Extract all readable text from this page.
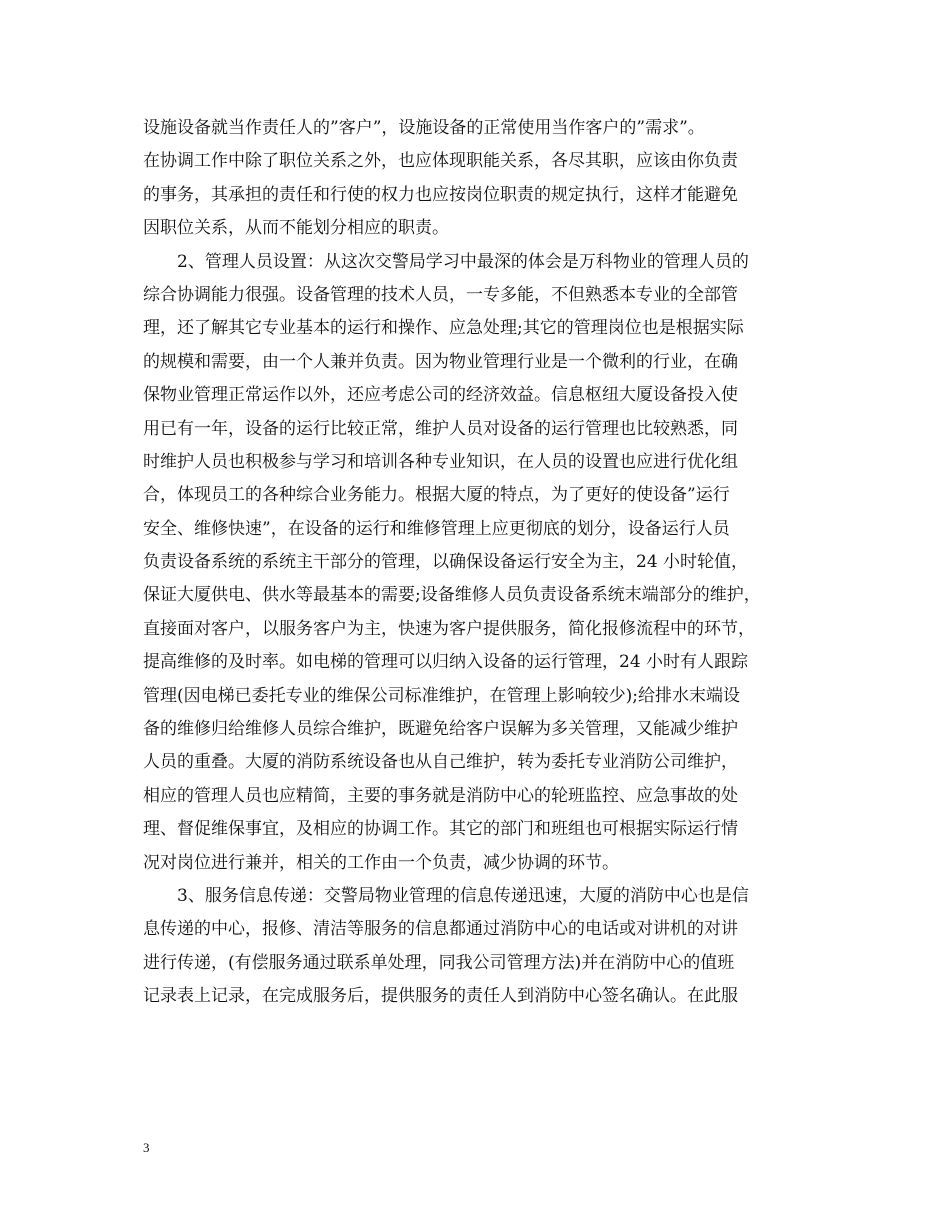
设施设备就当作责任人的”客户”，设施设备的正常使用当作客户的”需求”。
在协调工作中除了职位关系之外，也应体现职能关系，各尽其职，应该由你负责
的事务，其承担的责任和行使的权力也应按岗位职责的规定执行，这样才能避免
因职位关系，从而不能划分相应的职责。
　　2、管理人员设置：从这次交警局学习中最深的体会是万科物业的管理人员的
综合协调能力很强。设备管理的技术人员，一专多能，不但熟悉本专业的全部管
理，还了解其它专业基本的运行和操作、应急处理;其它的管理岗位也是根据实际
的规模和需要，由一个人兼并负责。因为物业管理行业是一个微利的行业，在确
保物业管理正常运作以外，还应考虑公司的经济效益。信息枢纽大厦设备投入使
用已有一年，设备的运行比较正常，维护人员对设备的运行管理也比较熟悉，同
时维护人员也积极参与学习和培训各种专业知识，在人员的设置也应进行优化组
合，体现员工的各种综合业务能力。根据大厦的特点，为了更好的使设备”运行
安全、维修快速”，在设备的运行和维修管理上应更彻底的划分，设备运行人员
负责设备系统的系统主干部分的管理，以确保设备运行安全为主，24 小时轮值，
保证大厦供电、供水等最基本的需要;设备维修人员负责设备系统末端部分的维护，
直接面对客户，以服务客户为主，快速为客户提供服务，简化报修流程中的环节，
提高维修的及时率。如电梯的管理可以归纳入设备的运行管理，24 小时有人跟踪
管理(因电梯已委托专业的维保公司标准维护，在管理上影响较少);给排水末端设
备的维修归给维修人员综合维护，既避免给客户误解为多关管理，又能减少维护
人员的重叠。大厦的消防系统设备也从自己维护，转为委托专业消防公司维护，
相应的管理人员也应精简，主要的事务就是消防中心的轮班监控、应急事故的处
理、督促维保事宜，及相应的协调工作。其它的部门和班组也可根据实际运行情
况对岗位进行兼并，相关的工作由一个负责，减少协调的环节。
　　3、服务信息传递：交警局物业管理的信息传递迅速，大厦的消防中心也是信
息传递的中心，报修、清洁等服务的信息都通过消防中心的电话或对讲机的对讲
进行传递，(有偿服务通过联系单处理，同我公司管理方法)并在消防中心的值班
记录表上记录，在完成服务后，提供服务的责任人到消防中心签名确认。在此服
3
